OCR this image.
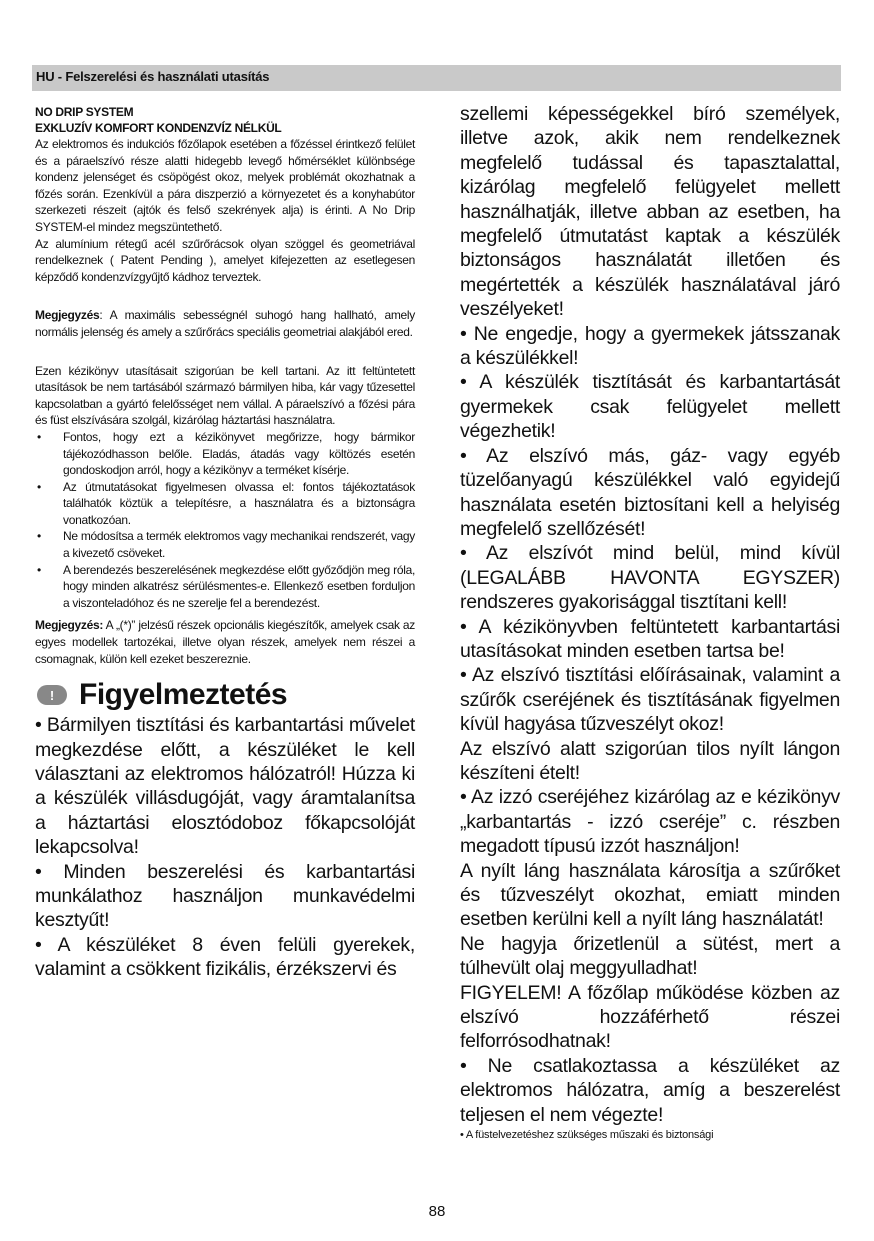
HU - Felszerelési és használati utasítás

NO DRIP SYSTEM

EXKLUZÍV KOMFORT KONDENZVÍZ NÉLKÜL

Az elektromos és indukciós főzőlapok esetében a főzéssel érintkező felület és a páraelszívó része alatti hidegebb levegő hőmérséklet különbsége kondenz jelenséget és csöpögést okoz, melyek problémát okozhatnak a főzés során. Ezenkívül a pára diszperzió a környezetet és a konyhabútor szerkezeti részeit (ajtók és felső szekrények alja) is érinti. A No Drip SYSTEM-el mindez megszüntethető.

Az alumínium rétegű acél szűrőrácsok olyan szöggel és geometriával rendelkeznek ( Patent Pending ), amelyet kifejezetten az esetlegesen képződő kondenzvízgyűjtő kádhoz terveztek.

Megjegyzés: A maximális sebességnél suhogó hang hallható, amely normális jelenség és amely a szűrőrács speciális geometriai alakjából ered.

Ezen kézikönyv utasításait szigorúan be kell tartani. Az itt feltüntetett utasítások be nem tartásából származó bármilyen hiba, kár vagy tűzesettel kapcsolatban a gyártó felelősséget nem vállal. A páraelszívó a főzési pára és füst elszívására szolgál, kizárólag háztartási használatra.

• Fontos, hogy ezt a kézikönyvet megőrizze, hogy bármikor tájékozódhasson belőle. Eladás, átadás vagy költözés esetén gondoskodjon arról, hogy a kézikönyv a terméket kísérje.
• Az útmutatásokat figyelmesen olvassa el: fontos tájékoztatások találhatók köztük a telepítésre, a használatra és a biztonságra vonatkozóan.
• Ne módosítsa a termék elektromos vagy mechanikai rendszerét, vagy a kivezető csöveket.
• A berendezés beszerelésének megkezdése előtt győződjön meg róla, hogy minden alkatrész sérülésmentes-e. Ellenkező esetben forduljon a viszonteladóhoz és ne szerelje fel a berendezést.

Megjegyzés: A „(*)” jelzésű részek opcionális kiegészítők, amelyek csak az egyes modellek tartozékai, illetve olyan részek, amelyek nem részei a csomagnak, külön kell ezeket beszerezniе.

! Figyelmeztetés

• Bármilyen tisztítási és karbantartási művelet megkezdése előtt, a készüléket le kell választani az elektromos hálózatról! Húzza ki a készülék villásdugóját, vagy áramtalanítsa a háztartási elosztódoboz főkapcsolóját lekapcsolva!

• Minden beszerelési és karbantartási munkálathoz használjon munkavédelmi kesztyűt!

• A készüléket 8 éven felüli gyerekek, valamint a csökkent fizikális, érzékszervi és

szellemi képességekkel bíró személyek, illetve azok, akik nem rendelkeznek megfelelő tudással és tapasztalattal, kizárólag megfelelő felügyelet mellett használhatják, illetve abban az esetben, ha megfelelő útmutatást kaptak a készülék biztonságos használatát illetően és megértették a készülék használatával járó veszélyeket!

• Ne engedje, hogy a gyermekek játsszanak a készülékkel!

• A készülék tisztítását és karbantartását gyermekek csak felügyelet mellett végezhetik!

• Az elszívó más, gáz- vagy egyéb tüzelőanyagú készülékkel való egyidejű használata esetén biztosítani kell a helyiség megfelelő szellőzését!

• Az elszívót mind belül, mind kívül (LEGALÁBB HAVONTA EGYSZER) rendszeres gyakorisággal tisztítani kell!

• A kézikönyvben feltüntetett karbantartási utasításokat minden esetben tartsa be!

• Az elszívó tisztítási előírásainak, valamint a szűrők cseréjének és tisztításának figyelmen kívül hagyása tűzveszélyt okoz!

Az elszívó alatt szigorúan tilos nyílt lángon készíteni ételt!

• Az izzó cseréjéhez kizárólag az e kézikönyv „karbantartás - izzó cseréje” c. részben megadott típusú izzót használjon!

A nyílt láng használata károsítja a szűrőket és tűzveszélyt okozhat, emiatt minden esetben kerülni kell a nyílt láng használatát!

Ne hagyja őrizetlenül a sütést, mert a túlhevült olaj meggyulladhat!

FIGYELEM! A főzőlap működése közben az elszívó hozzáférhető részei felforrósodhatnak!

• Ne csatlakoztassa a készüléket az elektromos hálózatra, amíg a beszerelést teljesen el nem végezte!

• A füstelvezetéshez szükséges műszaki és biztonsági

88
